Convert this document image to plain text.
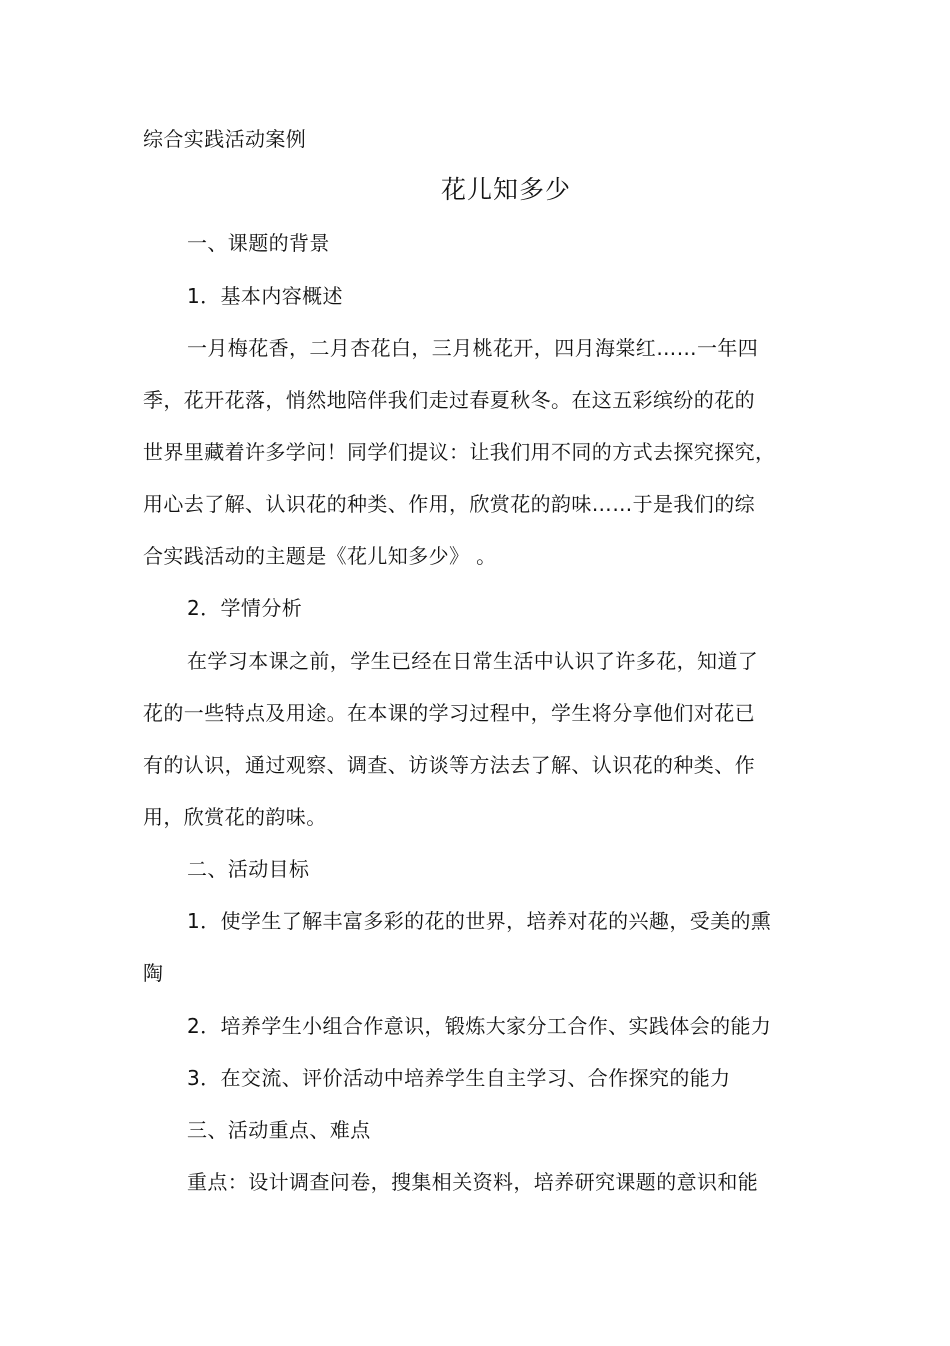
综合实践活动案例
花儿知多少
一、课题的背景
1．基本内容概述
一月梅花香，二月杏花白，三月桃花开，四月海棠红……一年四
季，花开花落，悄然地陪伴我们走过春夏秋冬。在这五彩缤纷的花的
世界里藏着许多学问！同学们提议：让我们用不同的方式去探究探究，
用心去了解、认识花的种类、作用，欣赏花的韵味……于是我们的综
合实践活动的主题是《花儿知多少》 。
2．学情分析
在学习本课之前，学生已经在日常生活中认识了许多花，知道了
花的一些特点及用途。在本课的学习过程中，学生将分享他们对花已
有的认识，通过观察、调查、访谈等方法去了解、认识花的种类、作
用，欣赏花的韵味。
二、活动目标
1．使学生了解丰富多彩的花的世界，培养对花的兴趣，受美的熏
陶
2．培养学生小组合作意识，锻炼大家分工合作、实践体会的能力
3．在交流、评价活动中培养学生自主学习、合作探究的能力
三、活动重点、难点
重点：设计调查问卷，搜集相关资料，培养研究课题的意识和能
